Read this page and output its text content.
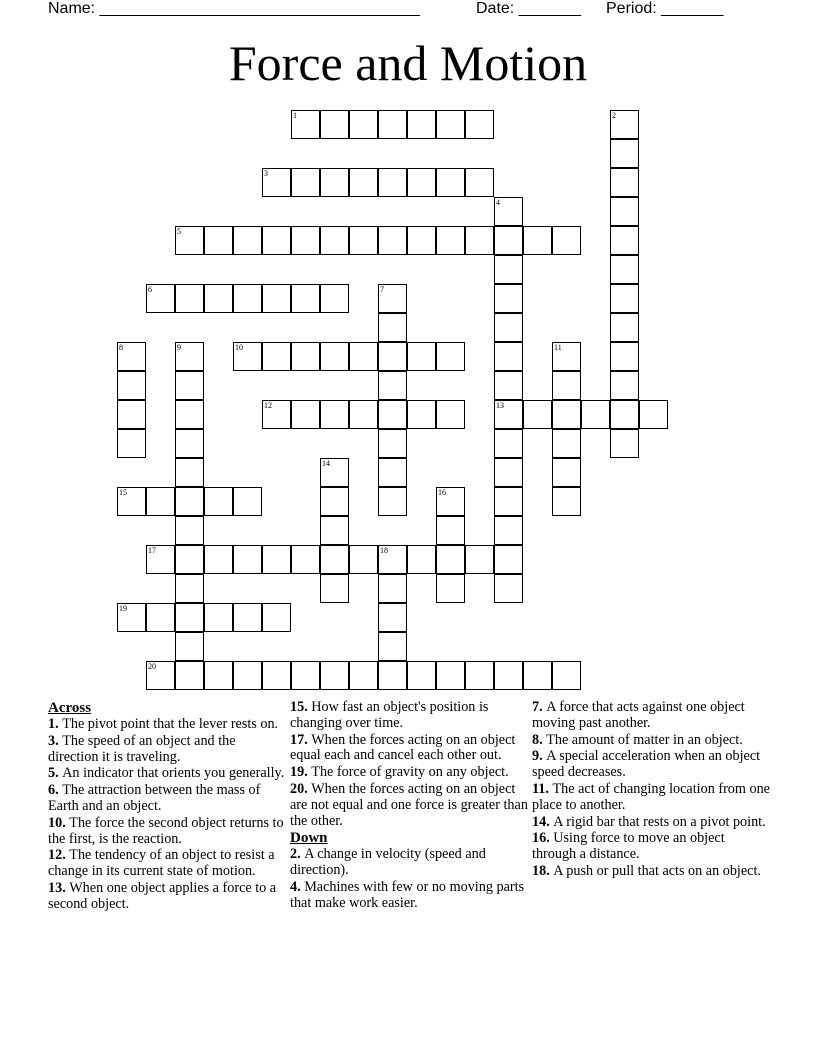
Name: ____________________________________	Date: _______ Period: _______
Force and Motion
1	2
3
4
13
5
6	7
8	9	10	11
12
14
15	16
17	18
19
20
Across
1. The pivot point that the lever rests on.
3. The speed of an object and the direction it is traveling.
5. An indicator that orients you generally.
6. The attraction between the mass of Earth and an object.
10. The force the second object returns to the first, is the reaction.
12. The tendency of an object to resist a change in its current state of motion.
13. When one object applies a force to a second object.
15. How fast an object's position is changing over time.
17. When the forces acting on an object equal each and cancel each other out.
19. The force of gravity on any object.
20. When the forces acting on an object are not equal and one force is greater than the other.
Down
2. A change in velocity (speed and direction).
4. Machines with few or no moving parts that make work easier.
7. A force that acts against one object moving past another.
8. The amount of matter in an object.
9. A special acceleration when an object speed decreases.
11. The act of changing location from one place to another.
14. A rigid bar that rests on a pivot point.
16. Using force to move an object through a distance.
18. A push or pull that acts on an object.
